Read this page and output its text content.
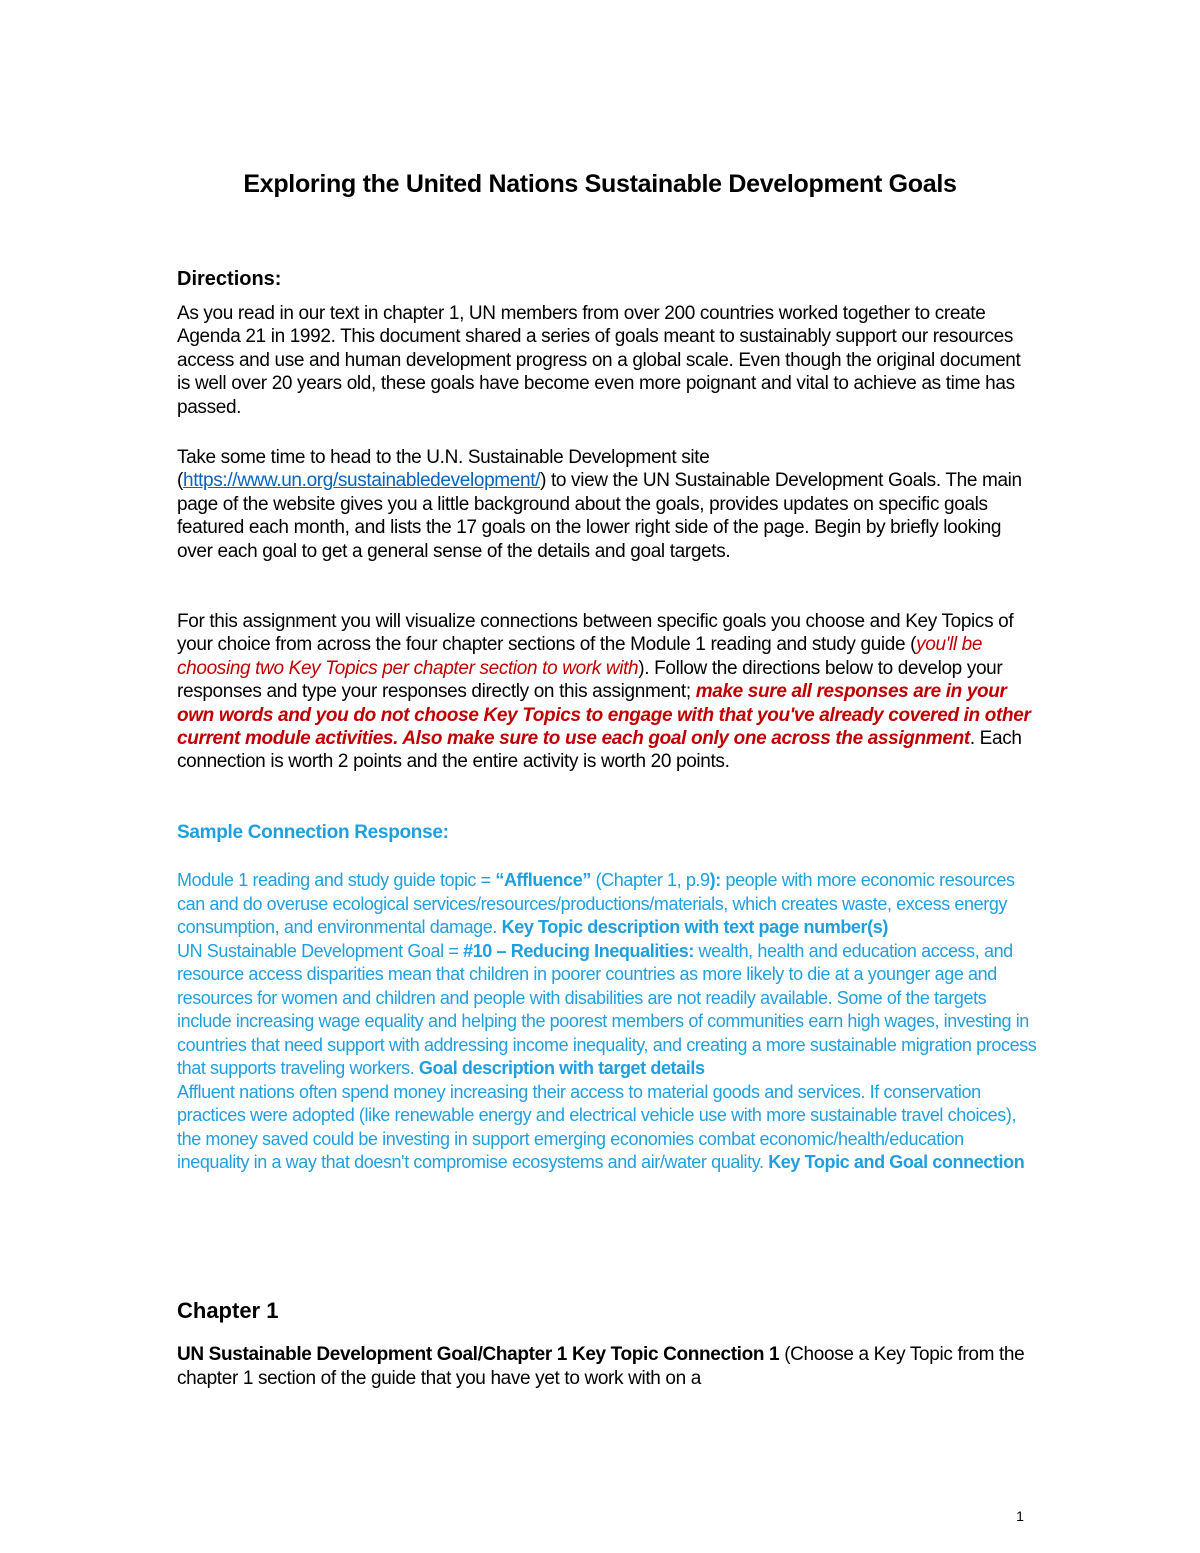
Exploring the United Nations Sustainable Development Goals
Directions:
As you read in our text in chapter 1, UN members from over 200 countries worked together to create Agenda 21 in 1992. This document shared a series of goals meant to sustainably support our resources access and use and human development progress on a global scale. Even though the original document is well over 20 years old, these goals have become even more poignant and vital to achieve as time has passed.
Take some time to head to the U.N. Sustainable Development site (https://www.un.org/sustainabledevelopment/) to view the UN Sustainable Development Goals. The main page of the website gives you a little background about the goals, provides updates on specific goals featured each month, and lists the 17 goals on the lower right side of the page. Begin by briefly looking over each goal to get a general sense of the details and goal targets.
For this assignment you will visualize connections between specific goals you choose and Key Topics of your choice from across the four chapter sections of the Module 1 reading and study guide (you'll be choosing two Key Topics per chapter section to work with). Follow the directions below to develop your responses and type your responses directly on this assignment; make sure all responses are in your own words and you do not choose Key Topics to engage with that you've already covered in other current module activities. Also make sure to use each goal only one across the assignment. Each connection is worth 2 points and the entire activity is worth 20 points.
Sample Connection Response:
Module 1 reading and study guide topic = “Affluence” (Chapter 1, p.9): people with more economic resources can and do overuse ecological services/resources/productions/materials, which creates waste, excess energy consumption, and environmental damage. Key Topic description with text page number(s)
UN Sustainable Development Goal = #10 – Reducing Inequalities: wealth, health and education access, and resource access disparities mean that children in poorer countries as more likely to die at a younger age and resources for women and children and people with disabilities are not readily available. Some of the targets include increasing wage equality and helping the poorest members of communities earn high wages, investing in countries that need support with addressing income inequality, and creating a more sustainable migration process that supports traveling workers. Goal description with target details
Affluent nations often spend money increasing their access to material goods and services. If conservation practices were adopted (like renewable energy and electrical vehicle use with more sustainable travel choices), the money saved could be investing in support emerging economies combat economic/health/education inequality in a way that doesn't compromise ecosystems and air/water quality. Key Topic and Goal connection
Chapter 1
UN Sustainable Development Goal/Chapter 1 Key Topic Connection 1 (Choose a Key Topic from the chapter 1 section of the guide that you have yet to work with on a
1
